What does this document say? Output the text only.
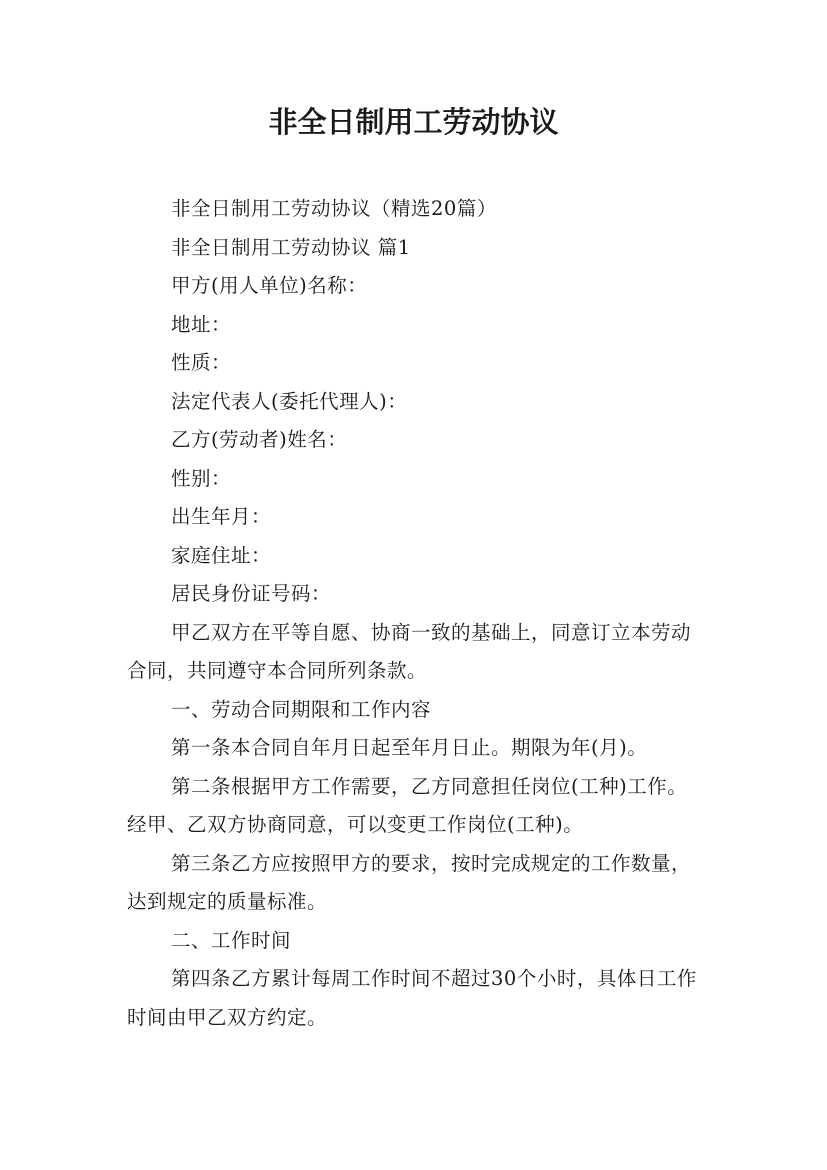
非全日制用工劳动协议

非全日制用工劳动协议（精选20篇）

非全日制用工劳动协议 篇1

甲方(用人单位)名称：

地址：

性质：

法定代表人(委托代理人)：

乙方(劳动者)姓名：

性别：

出生年月：

家庭住址：

居民身份证号码：

甲乙双方在平等自愿、协商一致的基础上，同意订立本劳动合同，共同遵守本合同所列条款。

一、劳动合同期限和工作内容

第一条本合同自年月日起至年月日止。期限为年(月)。

第二条根据甲方工作需要，乙方同意担任岗位(工种)工作。经甲、乙双方协商同意，可以变更工作岗位(工种)。

第三条乙方应按照甲方的要求，按时完成规定的工作数量，达到规定的质量标准。

二、工作时间

第四条乙方累计每周工作时间不超过30个小时，具体日工作时间由甲乙双方约定。
